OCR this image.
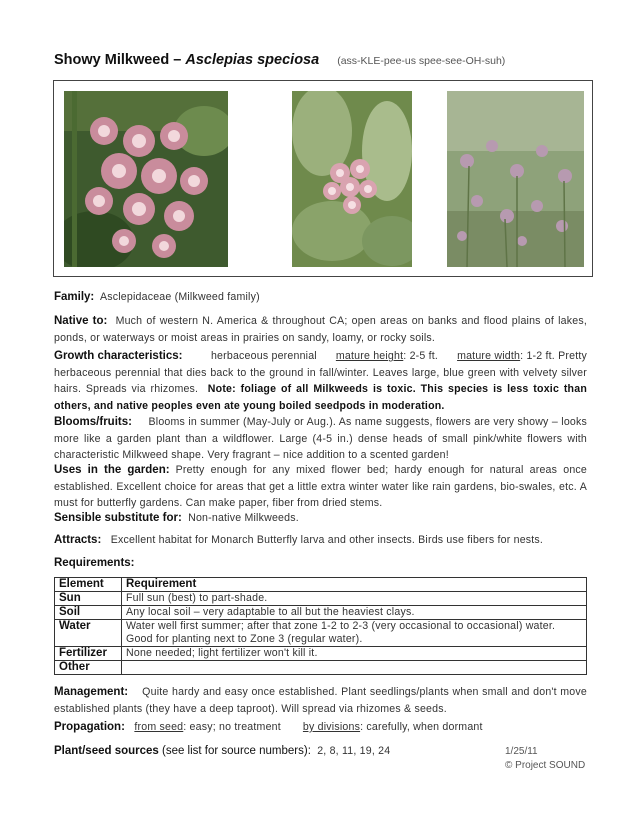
Showy Milkweed – Asclepias speciosa (ass-KLE-pee-us spee-see-OH-suh)
Family: Asclepidaceae (Milkweed family)
Native to: Much of western N. America & throughout CA; open areas on banks and flood plains of lakes, ponds, or waterways or moist areas in prairies on sandy, loamy, or rocky soils.
Growth characteristics:	herbaceous perennial mature height: 2-5 ft. mature width: 1-2 ft. Pretty herbaceous perennial that dies back to the ground in fall/winter. Leaves large, blue green with velvety silver hairs. Spreads via rhizomes. Note: foliage of all Milkweeds is toxic. This species is less toxic than others, and native peoples even ate young boiled seedpods in moderation.
Blooms/fruits: Blooms in summer (May-July or Aug.). As name suggests, flowers are very showy – looks more like a garden plant than a wildflower. Large (4-5 in.) dense heads of small pink/white flowers with characteristic Milkweed shape. Very fragrant – nice addition to a scented garden!
Uses in the garden: Pretty enough for any mixed flower bed; hardy enough for natural areas once established. Excellent choice for areas that get a little extra winter water like rain gardens, bio-swales, etc. A must for butterfly gardens. Can make paper, fiber from dried stems.
Sensible substitute for: Non-native Milkweeds.
Attracts: Excellent habitat for Monarch Butterfly larva and other insects. Birds use fibers for nests.
Requirements:
Element	Requirement
Sun	Full sun (best) to part-shade.
Soil	Any local soil – very adaptable to all but the heaviest clays.
Water	Water well first summer; after that zone 1-2 to 2-3 (very occasional to occasional) water. Good for planting next to Zone 3 (regular water).
Fertilizer	None needed; light fertilizer won't kill it.
Other	
Management: Quite hardy and easy once established. Plant seedlings/plants when small and don't move established plants (they have a deep taproot). Will spread via rhizomes & seeds.
Propagation: from seed: easy; no treatment by divisions: carefully, when dormant
Plant/seed sources (see list for source numbers): 2, 8, 11, 19, 24	1/25/11
© Project SOUND
